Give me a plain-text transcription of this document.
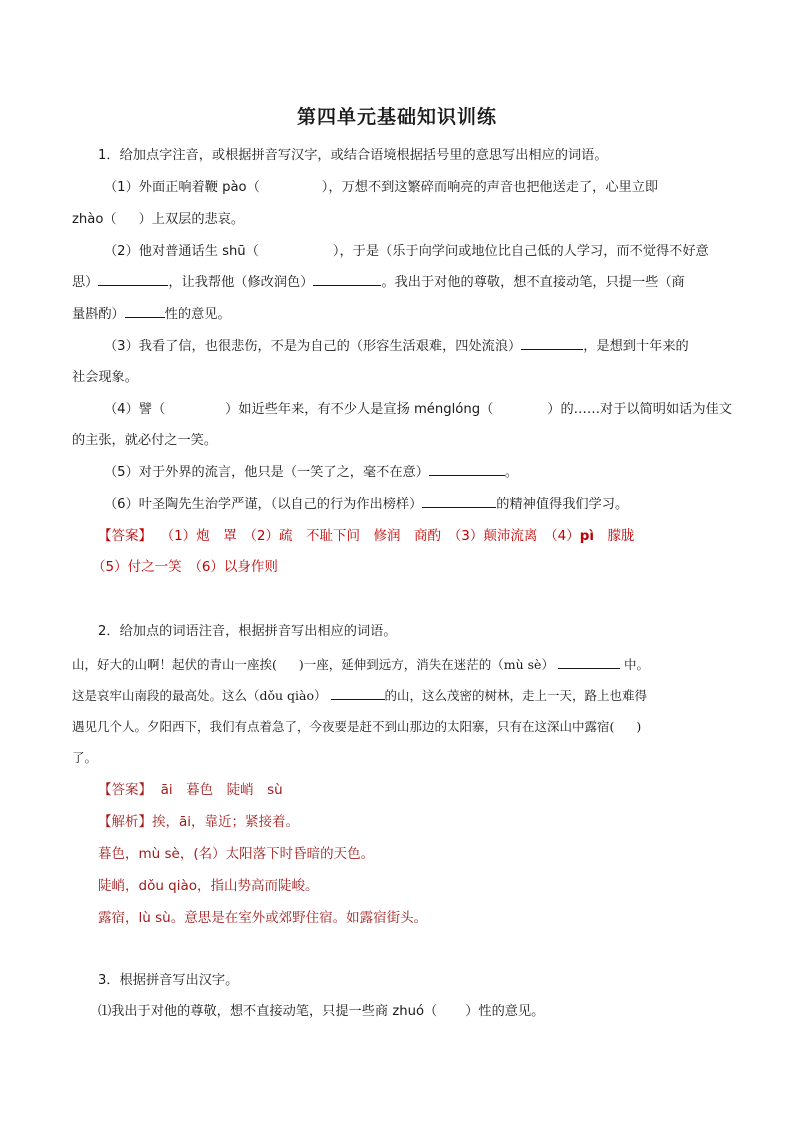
第四单元基础知识训练
1．给加点字注音，或根据拼音写汉字，或结合语境根据括号里的意思写出相应的词语。
（1）外面正响着鞭 pào（	），万想不到这繁碎而响亮的声音也把他送走了，心里立即
zhào（ ）上双层的悲哀。
（2）他对普通话生 shū（	），于是（乐于向学问或地位比自己低的人学习，而不觉得不好意
思）	，让我帮他（修改润色）	。我出于对他的尊敬，想不直接动笔，只提一些（商
量斟酌）	性的意见。
（3）我看了信，也很悲伤，不是为自己的（形容生活艰难，四处流浪）	，是想到十年来的
社会现象。
（4）譬（	）如近些年来，有不少人是宣扬 ménglóng（	）的……对于以简明如话为佳文
的主张，就必付之一笑。
（5）对于外界的流言，他只是（一笑了之，毫不在意）	。
（6）叶圣陶先生治学严谨，（以自己的行为作出榜样）	的精神值得我们学习。
【答案】 （1）炮　罩　（2）疏　不耻下问　修润　商酌　（3）颠沛流离　（4）pì　朦胧
（5）付之一笑　（6）以身作则
2．给加点的词语注音，根据拼音写出相应的词语。
山，好大的山啊！起伏的青山一座挨( )一座，延伸到远方，消失在迷茫的（mù sè）	中。
这是哀牢山南段的最高处。这么（dǒu qiào）	的山，这么茂密的树林，走上一天，路上也难得
遇见几个人。夕阳西下，我们有点着急了，今夜要是赶不到山那边的太阳寨，只有在这深山中露宿( )
了。
【答案】 āi　暮色　陡峭　sù
【解析】挨，āi，靠近；紧接着。
暮色，mù sè，(名）太阳落下时昏暗的天色。
陡峭，dǒu qiào，指山势高而陡峻。
露宿，lù sù。意思是在室外或郊野住宿。如露宿街头。
3．根据拼音写出汉字。
⑴我出于对他的尊敬，想不直接动笔，只提一些商 zhuó（ ）性的意见。
